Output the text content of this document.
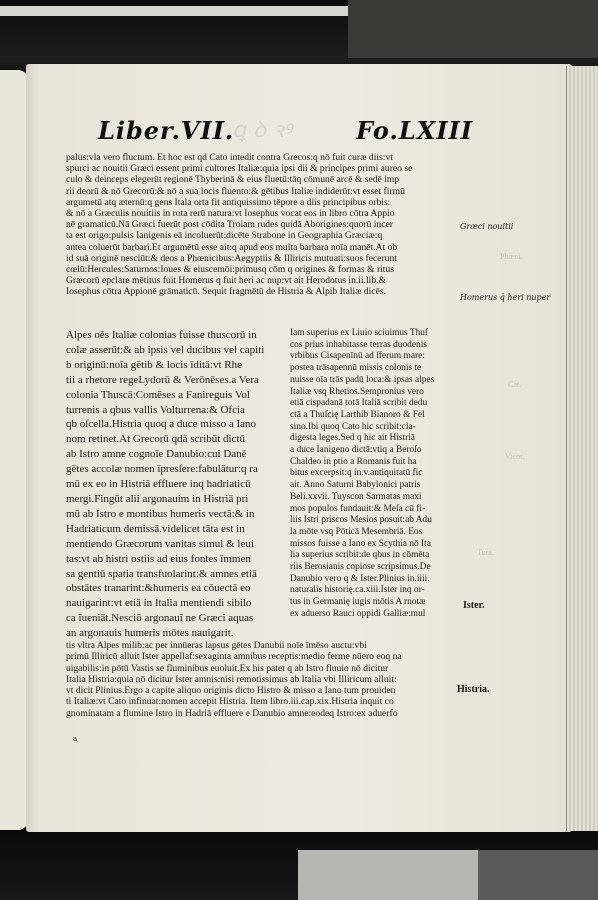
ꝗ ꝺ ꝛꝰ
Liber.VII.	Fo.LXIII
palus:vla vero fluctum. Et hoc est qd Cato intedit contra Grecos:q nō fuit curæ diis:vt
spurci ac nouitii Græci essent primi cultores Italiæ:quia ipsi dii & principes primi aureo se
culo & deinceps elegerūt regionē Thyberinā & eius fluetū:tāq cōmunē arcē & sedē imp
rii deorū & nō Grecorū:& nō a sua locis fluento:& gētibus Italiæ indiderūt:vt esset firmū
argumetū atq æternū:q gens Itala orta fit antiquissimo tēpore a diis principibus orbis:
& nō a Græculis nouitiis in rota rerū natura:vt Iosephus vocat eos in libro cōtra Appio
nē gramaticū.Nā Græci fuerūt post cōdita Troiam rudes quidā Aborigines:quorū incer
ta est origo:pulsis Ianigenis eā incoluerūt:dicēte Strabone in Geographia Græciæ:q
antea coluerūt barbari.Et argumētū esse ait:q apud eos multa barbara noīa manēt.At ob
id suā originē nesciūt:& deos a Phœnicibus:Aegyptiis & Illiricis mutuati:suos fecerunt
cœlū:Hercules:Saturnos:Ioues & eiuscemōi:primusq cōm q origines & formas & ritus
Græcorū epclare mētitus fuit Homerus q fuit heri ac nup:vt ait Herodotus in.ii.lib.&
Iosephus cōtra Appionē grāmaticū. Sequit fragmētū de Histria & Alpib Italiæ dicēs.
Alpes oēs Italiæ colonias fuisse thuscorū in
colæ asserūt:& ab ipsis vel ducibus vel capiti
b originū:noīa gētib & locis īditā:vt Rhe
tii a rhetore regeLydorū & Verōnēses.a Vera
colonia Thuscā:Comēses a Fanireguis Vol
turrenis a qbus vallis Volturrena:& Ofcia
qb oſcella.Histria quoq a duce misso a Iano
nom retinet.At Grecorū qdā scribūt dictū
ab Istro amne cognoīe Danubio:cui Danē
gētes accolæ nomen īpresſere:fabulātur:q ra
mū ex eo in Histriā effluere inq hadriaticū
mergi.Fingūt alii argonauim in Histriā pri
mū ab Istro e montibus humeris vectā:& in
Hadriaticum demissā.videlicet tāta est in
mentiendo Græcorum vanitas simul & leui
tas:vt ab histri ostiis ad eius fontes īmmen
sa gentiū spatia transfuolarint:& amnes etiā
obstātes tranarint:&humeris ea cōuectā eo
nauigarint:vt etiā in Italia mentiendi sibilo
ca īueniāt.Nesciō argonauī ne Græci aquas
an argonauis humeris mōtes nauigarit.
Iam superius ex Liuio sciuimus Thuſ
cos prius inhabitasse terras duodenis
vrbibus Cisapenīnū ad ſferum mare:
postea trāsapennū missis colonis te
nuisse oīa trās padū loca:& ipsas alpes
Italiæ vsq Rhetios.Sempronius vero
etiā cispadanā totā Italiā scribit dedu
ctā a Thuſcię Larthib Bianoro & Fel
sino.Ibi quoq Cato hic scribit:cla-
digesta leges.Sed q hic ait Histriā
a duce Ianigeno dictā:vtiq a Beroſo
Chaldeo in ptio a Romanis fuit ha
bitus excerpsit:q in.v.antiquitatū fic
ait. Anno Saturni Babylonici patris
Beli.xxvii. Tuyscon Sarmatas maxi
mos populos fundauit:& Meſa cū fi-
liis Istri priscos Mesios posuit:ab Adu
la mōte vsq Pōticā Mesembriā. Eos
missos fuisse a Iano ex Scythia nō Ita
lia superius scribit:de qbus in cōmēta
riis Berosianis copiose scripsimus.De
Danubio vero q & Ister.Plinius in.iiii.
naturalis historię.ca.xiii.Ister inq or-
tus in Germanię iugis mōtis A rnotæ
ex aduerso Rauci oppidi Galliæ:mul
tis vltra Alpes milib:ac per innūeras lapsus gētes Danubii noīe īmēso auctu:vbi
primū Illiricū alluit Ister appellaf:sexaginta amnibus receptis:medio ferme nūero eoq na
uigabilis:in pōtū Vastis se fluminibus euoluit.Ex his patet q ab Istro fluuio nō dicitur
Italia Histria:quia nō dicitur Ister amnis:nisi remotissimus ab Italia vbi Illiricum alluit:
vt dicit Plinius.Ergo a capite aliquo originis dicto Histro & misso a Iano tum prouiden
ti Italiæ:vt Cato infinuat:nomen accepit Histria. Item libro.iii.cap.xix.Histria inquit co
gnominatam a flumine Istro in Hadriā effluere e Danubio amne:eodeq Istro:ex aduerfo
Græci nouitii
Homerus q̄ heri nuper
Ister.
Histria.
Phœni.
Cat.
Vicor.
Tura.
a
